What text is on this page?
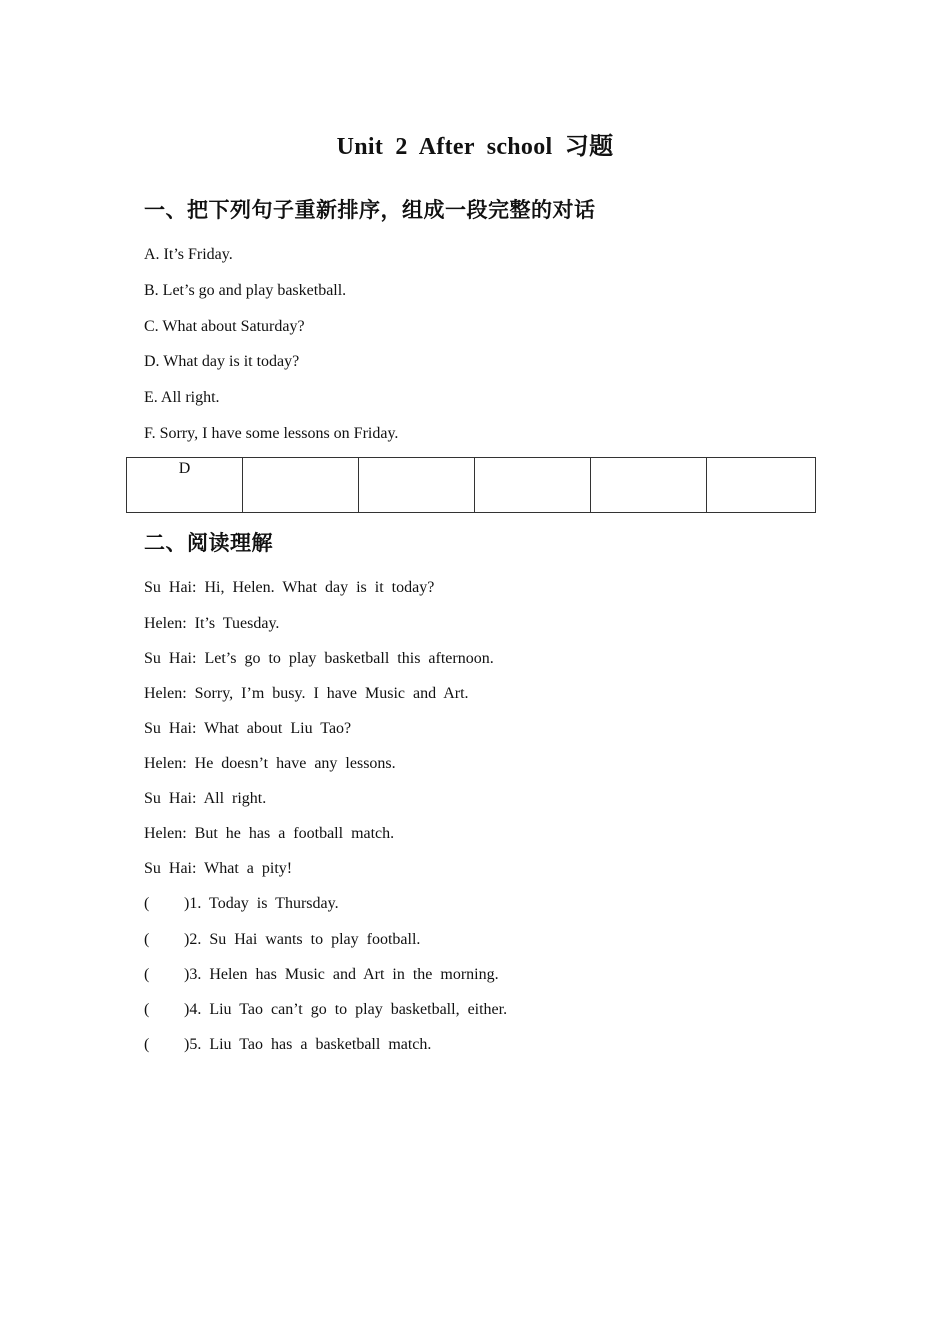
Unit 2 After school 习题
一、把下列句子重新排序，组成一段完整的对话
A. It’s Friday.
B. Let’s go and play basketball.
C. What about Saturday?
D. What day is it today?
E. All right.
F. Sorry, I have some lessons on Friday.
D					
二、阅读理解
Su Hai: Hi, Helen. What day is it today?
Helen: It’s Tuesday.
Su Hai: Let’s go to play basketball this afternoon.
Helen: Sorry, I’m busy. I have Music and Art.
Su Hai: What about Liu Tao?
Helen: He doesn’t have any lessons.
Su Hai: All right.
Helen: But he has a football match.
Su Hai: What a pity!
( )1. Today is Thursday.
( )2. Su Hai wants to play football.
( )3. Helen has Music and Art in the morning.
( )4. Liu Tao can’t go to play basketball, either.
( )5. Liu Tao has a basketball match.
